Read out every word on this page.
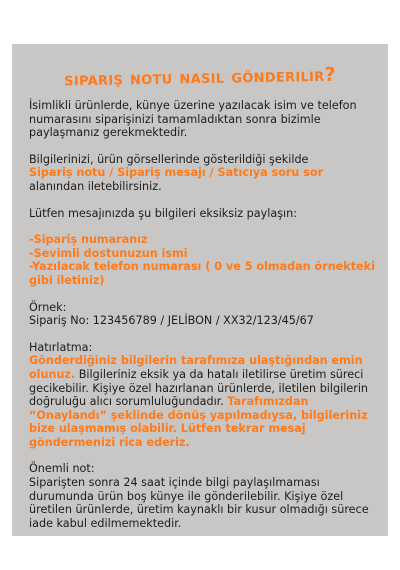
sipariş notu nasıl gönderilir?

İsimlikli ürünlerde, künye üzerine yazılacak isim ve telefon numarasını siparişinizi tamamladıktan sonra bizimle paylaşmanız gerekmektedir.

Bilgilerinizi, ürün görsellerinde gösterildiği şekilde
Sipariş notu / Sipariş mesajı / Satıcıya soru sor
alanından iletebilirsiniz.

Lütfen mesajınızda şu bilgileri eksiksiz paylaşın:

-Sipariş numaranız
-Sevimli dostunuzun ismi
-Yazılacak telefon numarası ( 0 ve 5 olmadan örnekteki gibi iletiniz)

Örnek:
Sipariş No: 123456789 / JELİBON / XX32/123/45/67

Hatırlatma:
Gönderdiğiniz bilgilerin tarafımıza ulaştığından emin olunuz. Bilgileriniz eksik ya da hatalı iletilirse üretim süreci gecikebilir. Kişiye özel hazırlanan ürünlerde, iletilen bilgilerin doğruluğu alıcı sorumluluğundadır. Tarafımızdan “Onaylandı” şeklinde dönüş yapılmadıysa, bilgileriniz bize ulaşmamış olabilir. Lütfen tekrar mesaj göndermenizi rica ederiz.

Önemli not:
Siparişten sonra 24 saat içinde bilgi paylaşılmaması durumunda ürün boş künye ile gönderilebilir. Kişiye özel üretilen ürünlerde, üretim kaynaklı bir kusur olmadığı sürece iade kabul edilmemektedir.
